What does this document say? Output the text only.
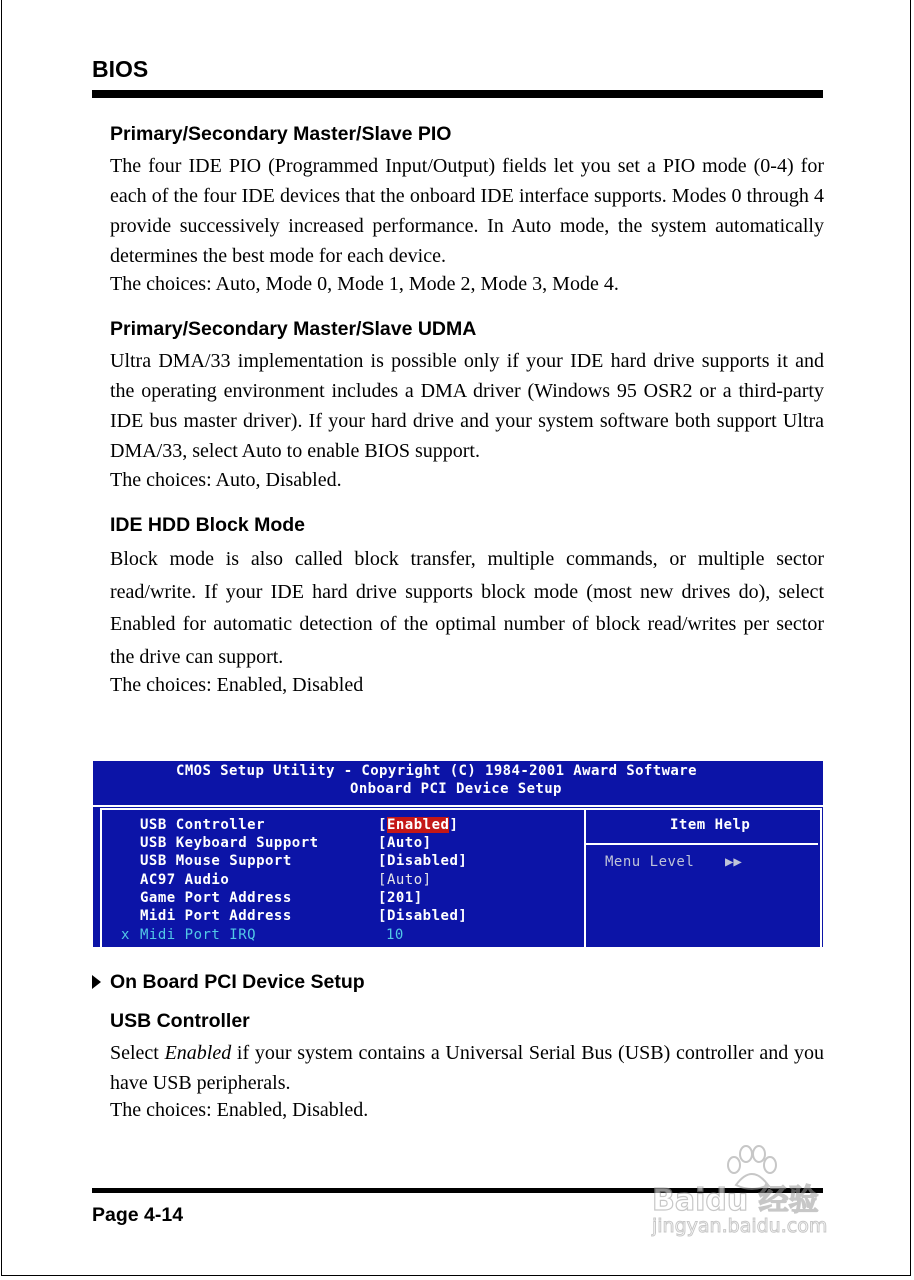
BIOS
Primary/Secondary Master/Slave PIO
The four IDE PIO (Programmed Input/Output) fields let you set a PIO mode (0-4) for each of the four IDE devices that the onboard IDE interface supports. Modes 0 through 4 provide successively increased performance. In Auto mode, the system automatically determines the best mode for each device.
The choices: Auto, Mode 0, Mode 1, Mode 2, Mode 3, Mode 4.
Primary/Secondary Master/Slave UDMA
Ultra DMA/33 implementation is possible only if your IDE hard drive supports it and the operating environment includes a DMA driver (Windows 95 OSR2 or a third-party IDE bus master driver). If your hard drive and your system software both support Ultra DMA/33, select Auto to enable BIOS support.
The choices: Auto, Disabled.
IDE HDD Block Mode
Block mode is also called block transfer, multiple commands, or multiple sector read/write. If your IDE hard drive supports block mode (most new drives do), select Enabled for automatic detection of the optimal number of block read/writes per sector the drive can support.
The choices: Enabled, Disabled
CMOS Setup Utility - Copyright (C) 1984-2001 Award Software
Onboard PCI Device Setup
USB Controller	[Enabled]
USB Keyboard Support	[Auto]
USB Mouse Support	[Disabled]
AC97 Audio	[Auto]
Game Port Address	[201]
Midi Port Address	[Disabled]
x Midi Port IRQ	10
Item Help
Menu Level ▶▶
On Board PCI Device Setup
USB Controller
Select Enabled if your system contains a Universal Serial Bus (USB) controller and you have USB peripherals.
The choices: Enabled, Disabled.
Page 4-14	Baidu 经验
jingyan.baidu.com
